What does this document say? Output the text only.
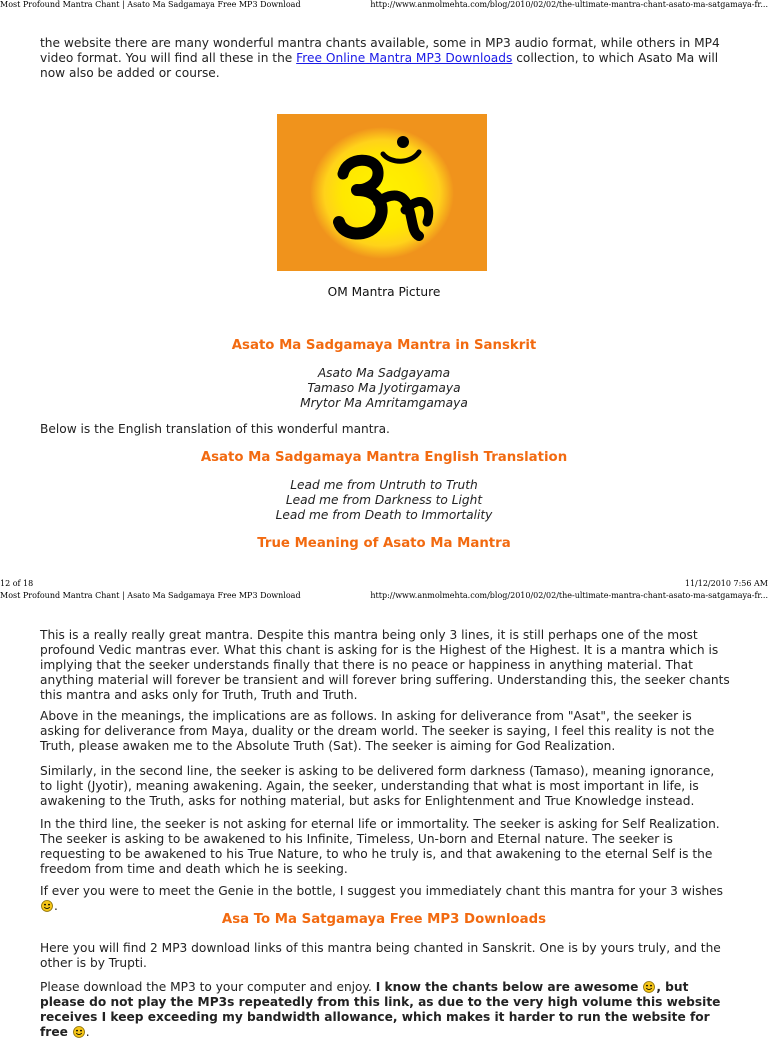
Most Profound Mantra Chant | Asato Ma Sadgamaya Free MP3 Download	http://www.anmolmehta.com/blog/2010/02/02/the-ultimate-mantra-chant-asato-ma-satgamaya-fr...

the website there are many wonderful mantra chants available, some in MP3 audio format, while others in MP4 video format. You will find all these in the Free Online Mantra MP3 Downloads collection, to which Asato Ma will now also be added or course.

OM Mantra Picture
Asato Ma Sadgamaya Mantra in Sanskrit
Asato Ma Sadgayama
Tamaso Ma Jyotirgamaya
Mrytor Ma Amritamgamaya
Below is the English translation of this wonderful mantra.
Asato Ma Sadgamaya Mantra English Translation
Lead me from Untruth to Truth
Lead me from Darkness to Light
Lead me from Death to Immortality
True Meaning of Asato Ma Mantra
12 of 18	11/12/2010 7:56 AM
Most Profound Mantra Chant | Asato Ma Sadgamaya Free MP3 Download	http://www.anmolmehta.com/blog/2010/02/02/the-ultimate-mantra-chant-asato-ma-satgamaya-fr...
This is a really really great mantra. Despite this mantra being only 3 lines, it is still perhaps one of the most profound Vedic mantras ever. What this chant is asking for is the Highest of the Highest. It is a mantra which is implying that the seeker understands finally that there is no peace or happiness in anything material. That anything material will forever be transient and will forever bring suffering. Understanding this, the seeker chants this mantra and asks only for Truth, Truth and Truth.
Above in the meanings, the implications are as follows. In asking for deliverance from "Asat", the seeker is asking for deliverance from Maya, duality or the dream world. The seeker is saying, I feel this reality is not the Truth, please awaken me to the Absolute Truth (Sat). The seeker is aiming for God Realization.
Similarly, in the second line, the seeker is asking to be delivered form darkness (Tamaso), meaning ignorance, to light (Jyotir), meaning awakening. Again, the seeker, understanding that what is most important in life, is awakening to the Truth, asks for nothing material, but asks for Enlightenment and True Knowledge instead.
In the third line, the seeker is not asking for eternal life or immortality. The seeker is asking for Self Realization. The seeker is asking to be awakened to his Infinite, Timeless, Un-born and Eternal nature. The seeker is requesting to be awakened to his True Nature, to who he truly is, and that awakening to the eternal Self is the freedom from time and death which he is seeking.
If ever you were to meet the Genie in the bottle, I suggest you immediately chant this mantra for your 3 wishes .
Asa To Ma Satgamaya Free MP3 Downloads
Here you will find 2 MP3 download links of this mantra being chanted in Sanskrit. One is by yours truly, and the other is by Trupti.
Please download the MP3 to your computer and enjoy. I know the chants below are awesome , but please do not play the MP3s repeatedly from this link, as due to the very high volume this website receives I keep exceeding my bandwidth allowance, which makes it harder to run the website for free .
